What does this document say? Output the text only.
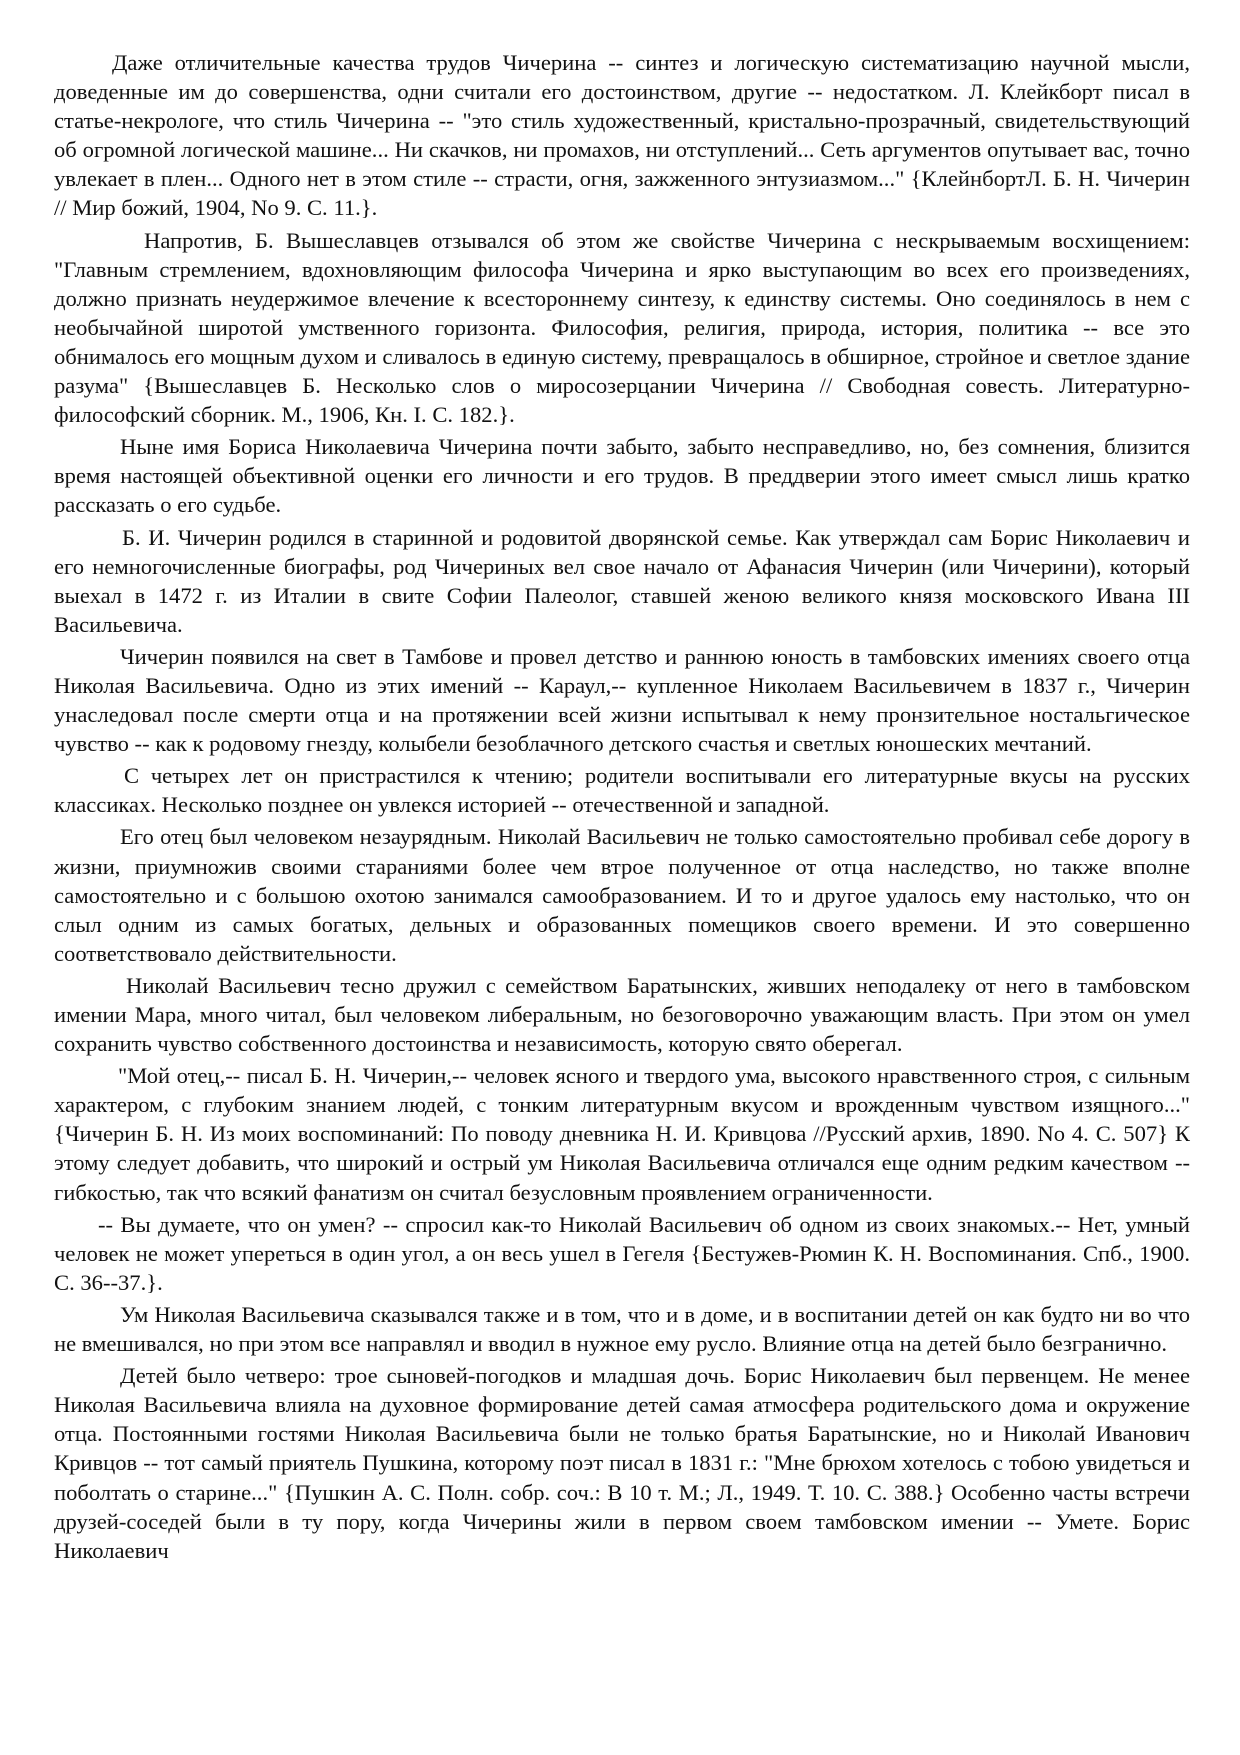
Даже отличительные качества трудов Чичерина -- синтез и логическую систематизацию научной мысли, доведенные им до совершенства, одни считали его достоинством, другие -- недостатком. Л. Клейкборт писал в статье-некрологе, что стиль Чичерина -- "это стиль художественный, кристально-прозрачный, свидетельствующий об огромной логической машине... Ни скачков, ни промахов, ни отступлений... Сеть аргументов опутывает вас, точно увлекает в плен... Одного нет в этом стиле -- страсти, огня, зажженного энтузиазмом..." {КлейнбортЛ. Б. Н. Чичерин // Мир божий, 1904, No 9. С. 11.}.

Напротив, Б. Вышеславцев отзывался об этом же свойстве Чичерина с нескрываемым восхищением: "Главным стремлением, вдохновляющим философа Чичерина и ярко выступающим во всех его произведениях, должно признать неудержимое влечение к всестороннему синтезу, к единству системы. Оно соединялось в нем с необычайной широтой умственного горизонта. Философия, религия, природа, история, политика -- все это обнималось его мощным духом и сливалось в единую систему, превращалось в обширное, стройное и светлое здание разума" {Вышеславцев Б. Несколько слов о миросозерцании Чичерина // Свободная совесть. Литературно-философский сборник. М., 1906, Кн. I. С. 182.}.

Ныне имя Бориса Николаевича Чичерина почти забыто, забыто несправедливо, но, без сомнения, близится время настоящей объективной оценки его личности и его трудов. В преддверии этого имеет смысл лишь кратко рассказать о его судьбе.

Б. И. Чичерин родился в старинной и родовитой дворянской семье. Как утверждал сам Борис Николаевич и его немногочисленные биографы, род Чичериных вел свое начало от Афанасия Чичерин (или Чичерини), который выехал в 1472 г. из Италии в свите Софии Палеолог, ставшей женою великого князя московского Ивана III Васильевича.

Чичерин появился на свет в Тамбове и провел детство и раннюю юность в тамбовских имениях своего отца Николая Васильевича. Одно из этих имений -- Караул,-- купленное Николаем Васильевичем в 1837 г., Чичерин унаследовал после смерти отца и на протяжении всей жизни испытывал к нему пронзительное ностальгическое чувство -- как к родовому гнезду, колыбели безоблачного детского счастья и светлых юношеских мечтаний.

С четырех лет он пристрастился к чтению; родители воспитывали его литературные вкусы на русских классиках. Несколько позднее он увлекся историей -- отечественной и западной.

Его отец был человеком незаурядным. Николай Васильевич не только самостоятельно пробивал себе дорогу в жизни, приумножив своими стараниями более чем втрое полученное от отца наследство, но также вполне самостоятельно и с большою охотою занимался самообразованием. И то и другое удалось ему настолько, что он слыл одним из самых богатых, дельных и образованных помещиков своего времени. И это совершенно соответствовало действительности.

Николай Васильевич тесно дружил с семейством Баратынских, живших неподалеку от него в тамбовском имении Мара, много читал, был человеком либеральным, но безоговорочно уважающим власть. При этом он умел сохранить чувство собственного достоинства и независимость, которую свято оберегал.

"Мой отец,-- писал Б. Н. Чичерин,-- человек ясного и твердого ума, высокого нравственного строя, с сильным характером, с глубоким знанием людей, с тонким литературным вкусом и врожденным чувством изящного..." {Чичерин Б. Н. Из моих воспоминаний: По поводу дневника Н. И. Кривцова //Русский архив, 1890. No 4. С. 507} К этому следует добавить, что широкий и острый ум Николая Васильевича отличался еще одним редким качеством -- гибкостью, так что всякий фанатизм он считал безусловным проявлением ограниченности.

-- Вы думаете, что он умен? -- спросил как-то Николай Васильевич об одном из своих знакомых.-- Нет, умный человек не может упереться в один угол, а он весь ушел в Гегеля {Бестужев-Рюмин К. Н. Воспоминания. Спб., 1900. С. 36--37.}.

Ум Николая Васильевича сказывался также и в том, что и в доме, и в воспитании детей он как будто ни во что не вмешивался, но при этом все направлял и вводил в нужное ему русло. Влияние отца на детей было безгранично.

Детей было четверо: трое сыновей-погодков и младшая дочь. Борис Николаевич был первенцем. Не менее Николая Васильевича влияла на духовное формирование детей самая атмосфера родительского дома и окружение отца. Постоянными гостями Николая Васильевича были не только братья Баратынские, но и Николай Иванович Кривцов -- тот самый приятель Пушкина, которому поэт писал в 1831 г.: "Мне брюхом хотелось с тобою увидеться и поболтать о старине..." {Пушкин А. С. Полн. собр. соч.: В 10 т. М.; Л., 1949. Т. 10. С. 388.} Особенно часты встречи друзей-соседей были в ту пору, когда Чичерины жили в первом своем тамбовском имении -- Умете. Борис Николаевич
